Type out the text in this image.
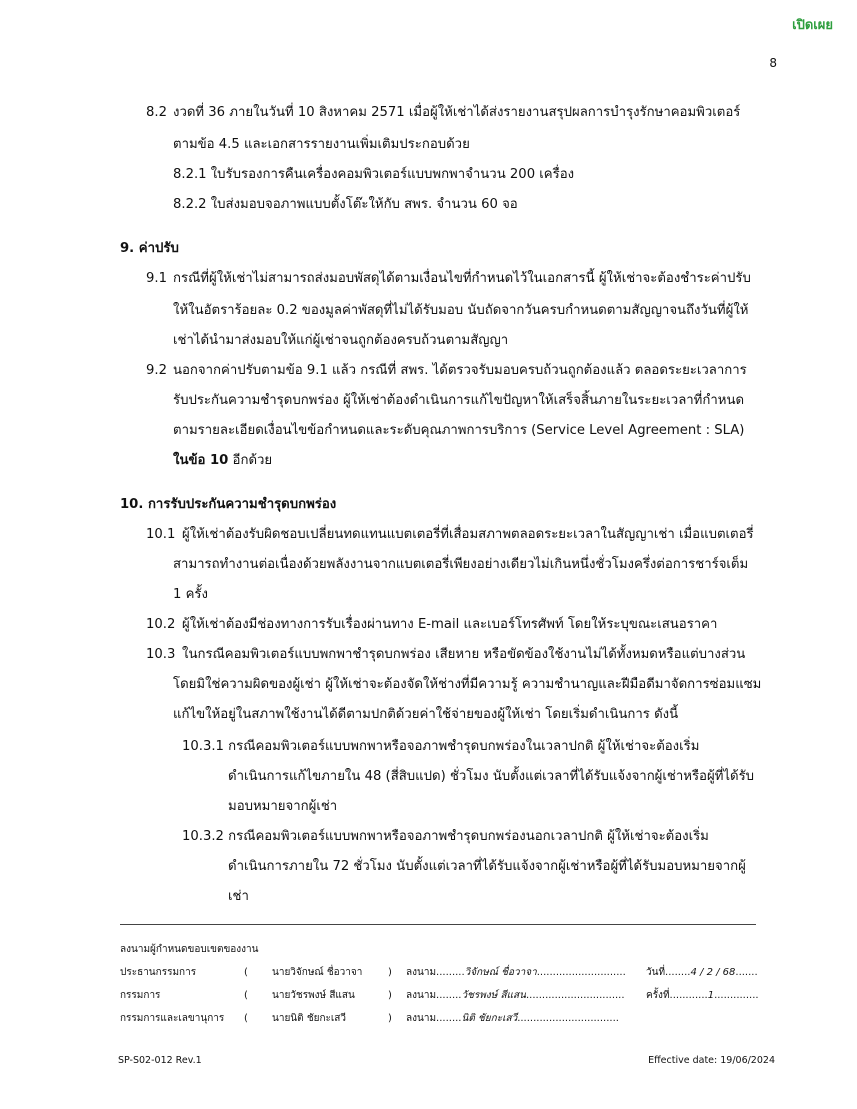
เปิดเผย
8
8.2 งวดที่ 36 ภายในวันที่ 10 สิงหาคม 2571 เมื่อผู้ให้เช่าได้ส่งรายงานสรุปผลการบำรุงรักษาคอมพิวเตอร์
ตามข้อ 4.5 และเอกสารรายงานเพิ่มเติมประกอบด้วย
8.2.1 ใบรับรองการคืนเครื่องคอมพิวเตอร์แบบพกพาจำนวน 200 เครื่อง
8.2.2 ใบส่งมอบจอภาพแบบตั้งโต๊ะให้กับ สพร. จำนวน 60 จอ
9. ค่าปรับ
9.1 กรณีที่ผู้ให้เช่าไม่สามารถส่งมอบพัสดุได้ตามเงื่อนไขที่กำหนดไว้ในเอกสารนี้ ผู้ให้เช่าจะต้องชำระค่าปรับ
ให้ในอัตราร้อยละ 0.2 ของมูลค่าพัสดุที่ไม่ได้รับมอบ นับถัดจากวันครบกำหนดตามสัญญาจนถึงวันที่ผู้ให้
เช่าได้นำมาส่งมอบให้แก่ผู้เช่าจนถูกต้องครบถ้วนตามสัญญา
9.2 นอกจากค่าปรับตามข้อ 9.1 แล้ว กรณีที่ สพร. ได้ตรวจรับมอบครบถ้วนถูกต้องแล้ว ตลอดระยะเวลาการ
รับประกันความชำรุดบกพร่อง ผู้ให้เช่าต้องดำเนินการแก้ไขปัญหาให้เสร็จสิ้นภายในระยะเวลาที่กำหนด
ตามรายละเอียดเงื่อนไขข้อกำหนดและระดับคุณภาพการบริการ (Service Level Agreement : SLA)
ในข้อ 10 อีกด้วย
10. การรับประกันความชำรุดบกพร่อง
10.1 ผู้ให้เช่าต้องรับผิดชอบเปลี่ยนทดแทนแบตเตอรี่ที่เสื่อมสภาพตลอดระยะเวลาในสัญญาเช่า เมื่อแบตเตอรี่
สามารถทำงานต่อเนื่องด้วยพลังงานจากแบตเตอรี่เพียงอย่างเดียวไม่เกินหนึ่งชั่วโมงครึ่งต่อการชาร์จเต็ม
1 ครั้ง
10.2 ผู้ให้เช่าต้องมีช่องทางการรับเรื่องผ่านทาง E-mail และเบอร์โทรศัพท์ โดยให้ระบุขณะเสนอราคา
10.3 ในกรณีคอมพิวเตอร์แบบพกพาชำรุดบกพร่อง เสียหาย หรือขัดข้องใช้งานไม่ได้ทั้งหมดหรือแต่บางส่วน
โดยมิใช่ความผิดของผู้เช่า ผู้ให้เช่าจะต้องจัดให้ช่างที่มีความรู้ ความชำนาญและฝีมือดีมาจัดการซ่อมแซม
แก้ไขให้อยู่ในสภาพใช้งานได้ดีตามปกติด้วยค่าใช้จ่ายของผู้ให้เช่า โดยเริ่มดำเนินการ ดังนี้
10.3.1 กรณีคอมพิวเตอร์แบบพกพาหรือจอภาพชำรุดบกพร่องในเวลาปกติ ผู้ให้เช่าจะต้องเริ่ม
ดำเนินการแก้ไขภายใน 48 (สี่สิบแปด) ชั่วโมง นับตั้งแต่เวลาที่ได้รับแจ้งจากผู้เช่าหรือผู้ที่ได้รับ
มอบหมายจากผู้เช่า
10.3.2 กรณีคอมพิวเตอร์แบบพกพาหรือจอภาพชำรุดบกพร่องนอกเวลาปกติ ผู้ให้เช่าจะต้องเริ่ม
ดำเนินการภายใน 72 ชั่วโมง นับตั้งแต่เวลาที่ได้รับแจ้งจากผู้เช่าหรือผู้ที่ได้รับมอบหมายจากผู้
เช่า
ลงนามผู้กำหนดขอบเขตของงาน
ประธานกรรมการ	( นายวิจักษณ์ ชื่อวาจา	) ลงนาม.........วิจักษณ์ ชื่อวาจา............................ วันที่........4 / 2 / 68.......
กรรมการ	( นายวัชรพงษ์ สีแสน	) ลงนาม........วัชรพงษ์ สีแสน............................... ครั้งที่............1..............
กรรมการและเลขานุการ ( นายนิติ ชัยกะเสวี	) ลงนาม........นิติ ชัยกะเสวี................................
SP-S02-012 Rev.1	Effective date: 19/06/2024
